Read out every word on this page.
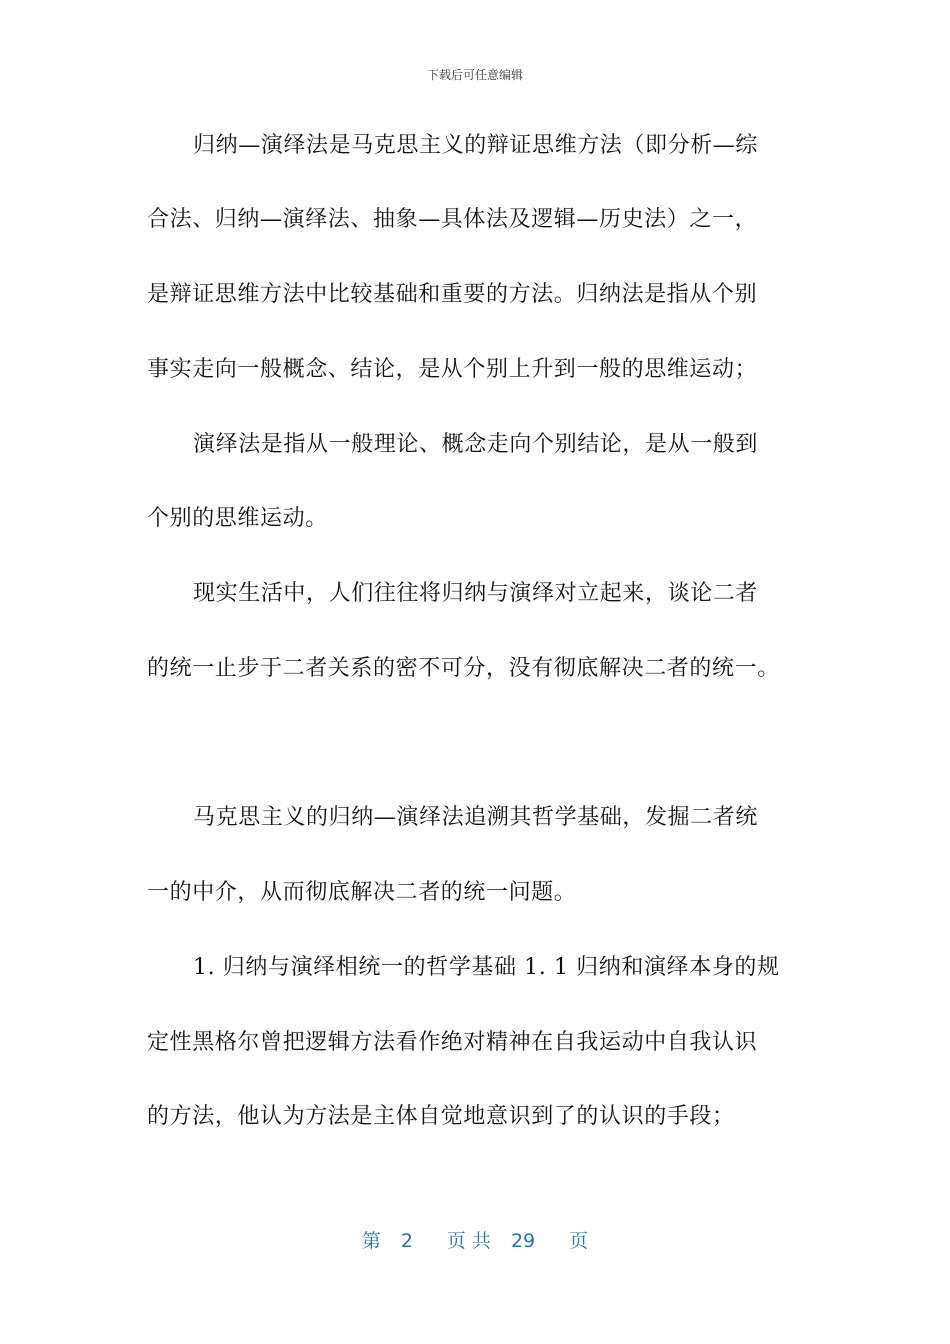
下载后可任意编辑
归纳—演绎法是马克思主义的辩证思维方法（即分析—综
合法、归纳—演绎法、抽象—具体法及逻辑—历史法）之一，
是辩证思维方法中比较基础和重要的方法。归纳法是指从个别
事实走向一般概念、结论，是从个别上升到一般的思维运动；
演绎法是指从一般理论、概念走向个别结论，是从一般到
个别的思维运动。
现实生活中，人们往往将归纳与演绎对立起来，谈论二者
的统一止步于二者关系的密不可分，没有彻底解决二者的统一。
马克思主义的归纳—演绎法追溯其哲学基础，发掘二者统
一的中介，从而彻底解决二者的统一问题。
1. 归纳与演绎相统一的哲学基础 1. 1 归纳和演绎本身的规
定性黑格尔曾把逻辑方法看作绝对精神在自我运动中自我认识
的方法，他认为方法是主体自觉地意识到了的认识的手段；
第 2 页 共 29 页
